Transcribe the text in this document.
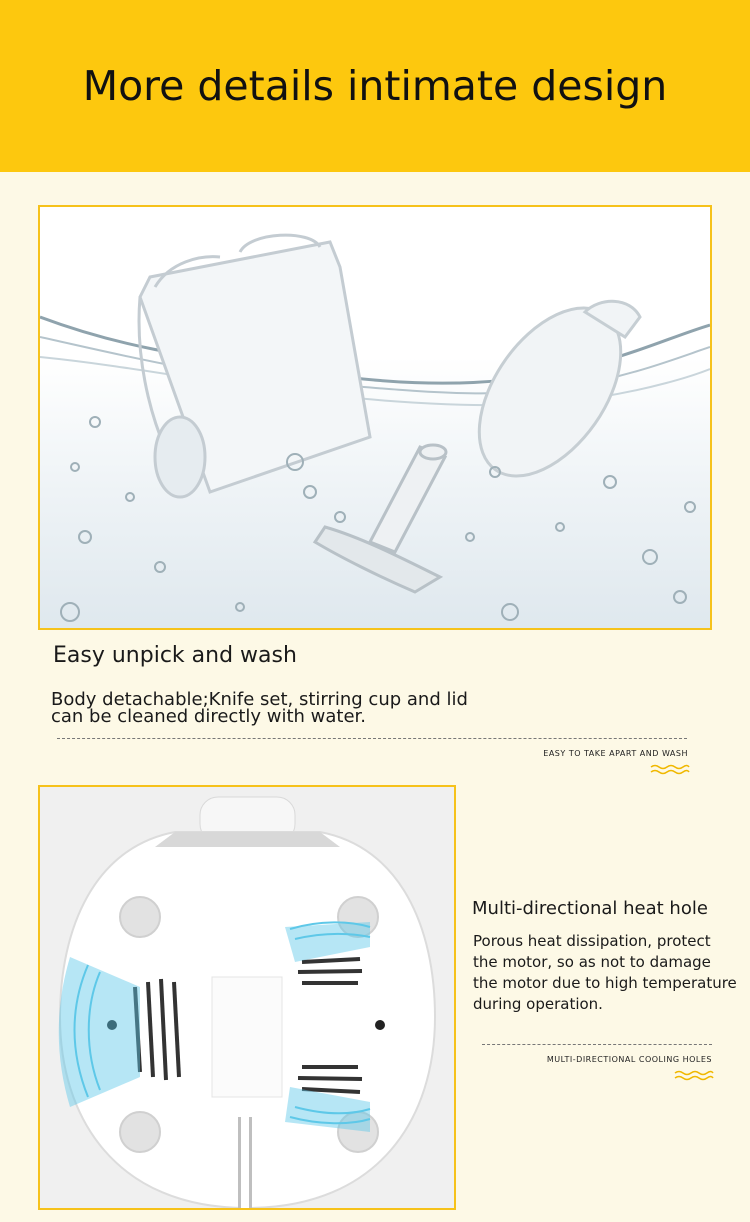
More details intimate design
Easy unpick and wash
Body detachable;Knife set, stirring cup and lid
can be cleaned directly with water.
EASY TO TAKE APART AND WASH
Multi-directional heat hole
Porous heat dissipation, protect
the motor, so as not to damage
the motor due to high temperature
during operation.
MULTI-DIRECTIONAL COOLING HOLES
